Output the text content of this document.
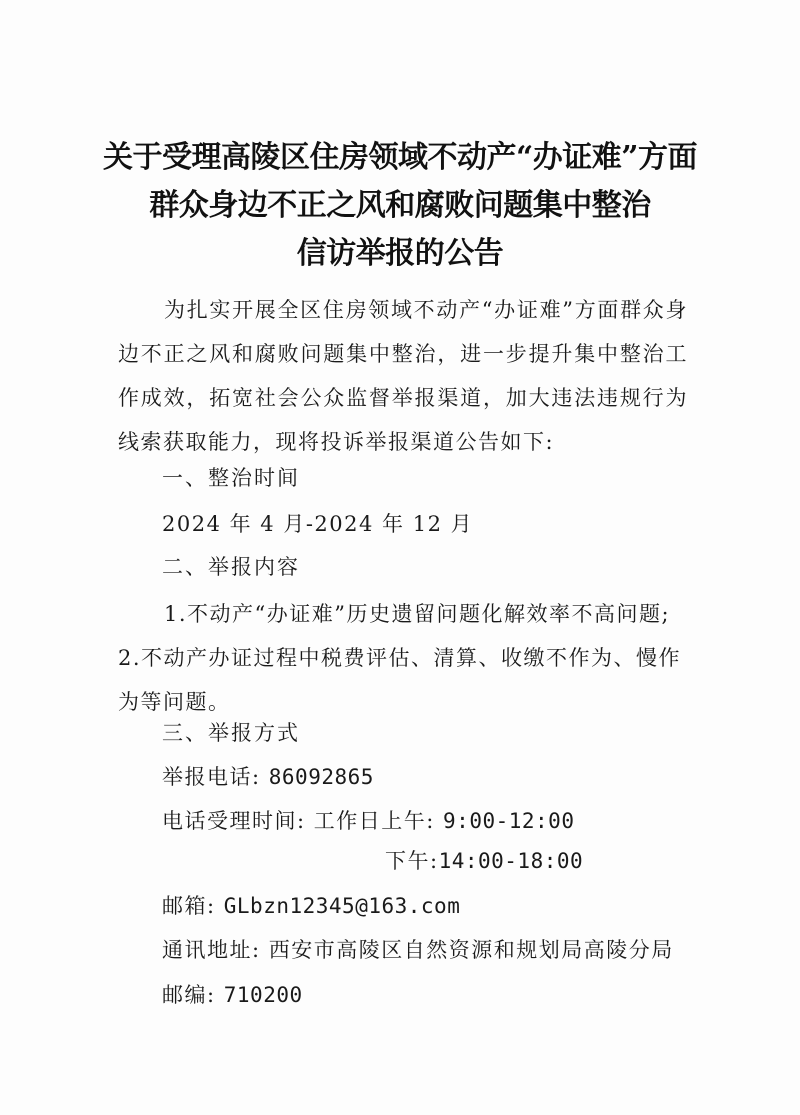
关于受理高陵区住房领域不动产“办证难”方面
群众身边不正之风和腐败问题集中整治
信访举报的公告
为扎实开展全区住房领域不动产“办证难”方面群众身边不正之风和腐败问题集中整治，进一步提升集中整治工作成效，拓宽社会公众监督举报渠道，加大违法违规行为线索获取能力，现将投诉举报渠道公告如下:
一、整治时间
2024 年 4 月-2024 年 12 月
二、举报内容
1.不动产“办证难”历史遗留问题化解效率不高问题; 2.不动产办证过程中税费评估、清算、收缴不作为、慢作为等问题。
三、举报方式
举报电话: 86092865
电话受理时间: 工作日上午: 9:00-12:00
下午:14:00-18:00
邮箱: GLbzn12345@163.com
通讯地址: 西安市高陵区自然资源和规划局高陵分局
邮编: 710200
